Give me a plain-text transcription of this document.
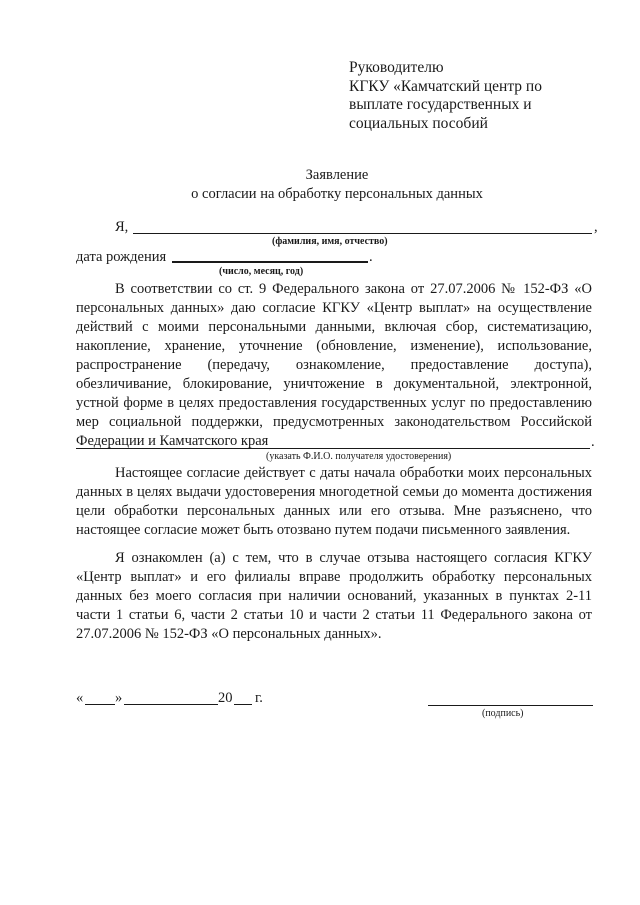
Руководителю
КГКУ «Камчатский центр по
выплате государственных и
социальных пособий
Заявление
о согласии на обработку персональных данных
Я,	,
(фамилия, имя, отчество)
дата рождения	.
(число, месяц, год)
В соответствии со ст. 9 Федерального закона от 27.07.2006 № 152-ФЗ «О персональных данных» даю согласие КГКУ «Центр выплат» на осуществление действий с моими персональными данными, включая сбор, систематизацию, накопление, хранение, уточнение (обновление, изменение), использование, распространение (передачу, ознакомление, предоставление доступа), обезличивание, блокирование, уничтожение в документальной, электронной, устной форме в целях предоставления государственных услуг по предоставлению мер социальной поддержки, предусмотренных законодательством Российской Федерации и Камчатского края	.
(указать Ф.И.О. получателя удостоверения)
Настоящее согласие действует с даты начала обработки моих персональных данных в целях выдачи удостоверения многодетной семьи до момента достижения цели обработки персональных данных или его отзыва. Мне разъяснено, что настоящее согласие может быть отозвано путем подачи письменного заявления.
Я ознакомлен (а) с тем, что в случае отзыва настоящего согласия КГКУ «Центр выплат» и его филиалы вправе продолжить обработку персональных данных без моего согласия при наличии оснований, указанных в пунктах 2-11 части 1 статьи 6, части 2 статьи 10 и части 2 статьи 11 Федерального закона от 27.07.2006 № 152-ФЗ «О персональных данных».
« »	20 г.
(подпись)
